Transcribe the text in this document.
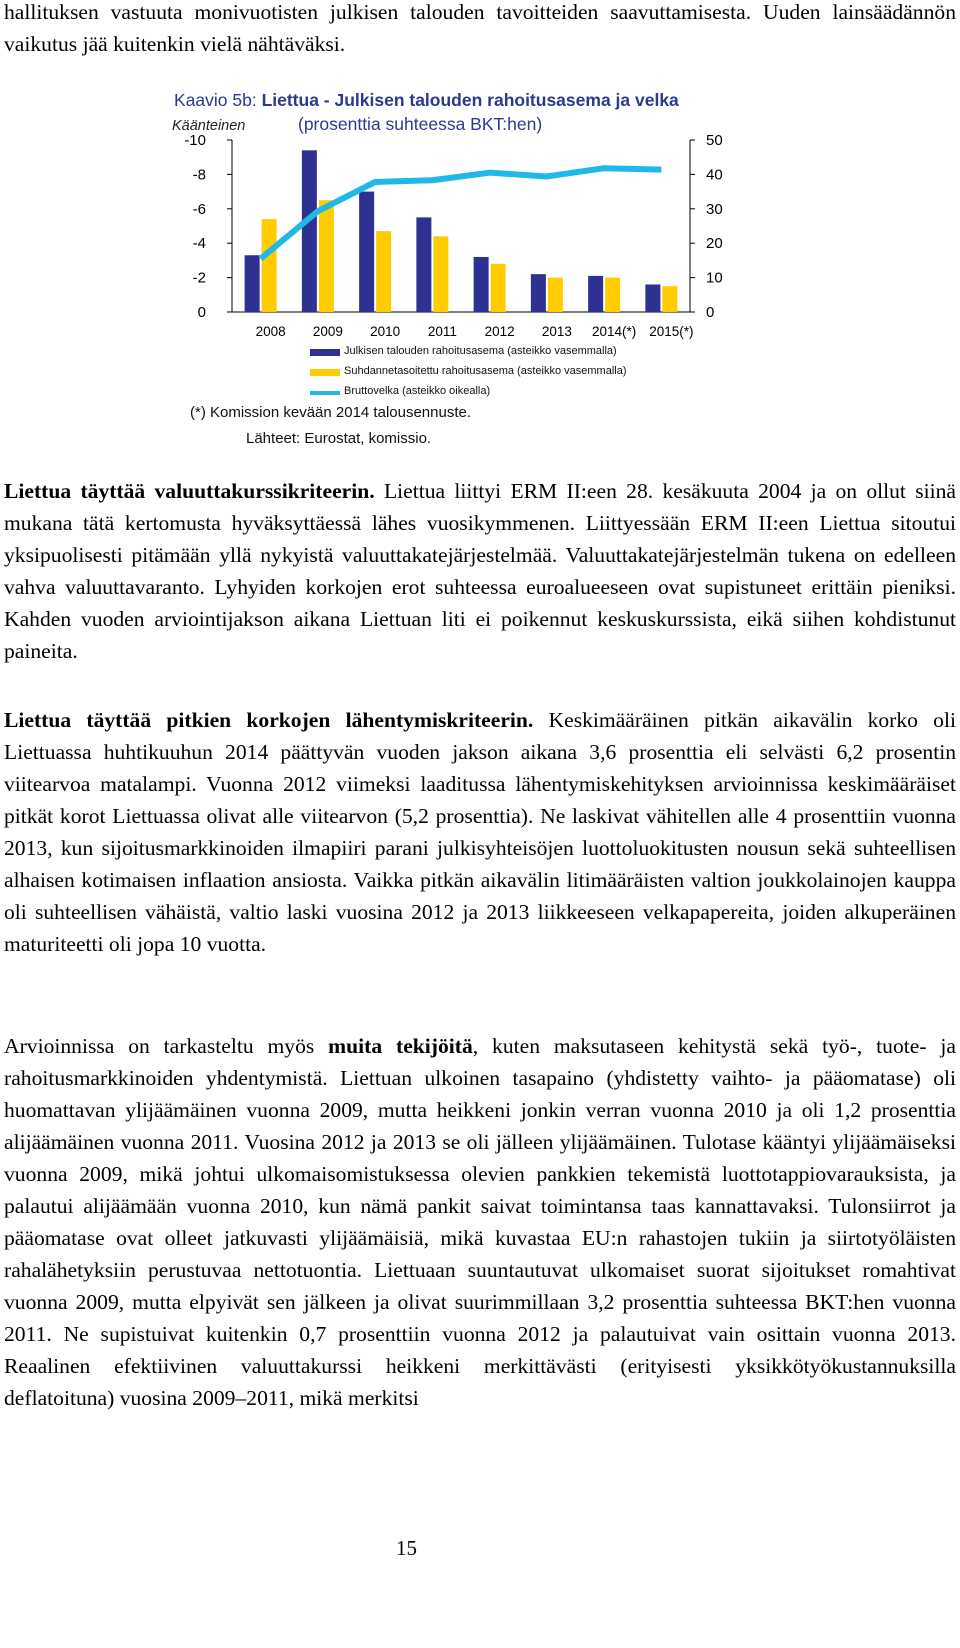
hallituksen vastuuta monivuotisten julkisen talouden tavoitteiden saavuttamisesta. Uuden lainsäädännön vaikutus jää kuitenkin vielä nähtäväksi.

Kaavio 5b: Liettua - Julkisen talouden rahoitusasema ja velka
Käänteinen	(prosenttia suhteessa BKT:hen)
-10
-8
-6
-4
-2
0
50
40
30
20
10
0
2008 2009 2010 2011 2012 2013 2014(*) 2015(*)
Julkisen talouden rahoitusasema (asteikko vasemmalla)
Suhdannetasoitettu rahoitusasema (asteikko vasemmalla)
Bruttovelka (asteikko oikealla)
(*) Komission kevään 2014 talousennuste.
Lähteet: Eurostat, komissio.

Liettua täyttää valuuttakurssikriteerin. Liettua liittyi ERM II:een 28. kesäkuuta 2004 ja on ollut siinä mukana tätä kertomusta hyväksyttäessä lähes vuosikymmenen. Liittyessään ERM II:een Liettua sitoutui yksipuolisesti pitämään yllä nykyistä valuuttakatejärjestelmää. Valuuttakatejärjestelmän tukena on edelleen vahva valuuttavaranto. Lyhyiden korkojen erot suhteessa euroalueeseen ovat supistuneet erittäin pieniksi. Kahden vuoden arviointijakson aikana Liettuan liti ei poikennut keskuskurssista, eikä siihen kohdistunut paineita.

Liettua täyttää pitkien korkojen lähentymiskriteerin. Keskimääräinen pitkän aikavälin korko oli Liettuassa huhtikuuhun 2014 päättyvän vuoden jakson aikana 3,6 prosenttia eli selvästi 6,2 prosentin viitearvoa matalampi. Vuonna 2012 viimeksi laaditussa lähentymiskehityksen arvioinnissa keskimääräiset pitkät korot Liettuassa olivat alle viitearvon (5,2 prosenttia). Ne laskivat vähitellen alle 4 prosenttiin vuonna 2013, kun sijoitusmarkkinoiden ilmapiiri parani julkisyhteisöjen luottoluokitusten nousun sekä suhteellisen alhaisen kotimaisen inflaation ansiosta. Vaikka pitkän aikavälin litimääräisten valtion joukkolainojen kauppa oli suhteellisen vähäistä, valtio laski vuosina 2012 ja 2013 liikkeeseen velkapapereita, joiden alkuperäinen maturiteetti oli jopa 10 vuotta.

Arvioinnissa on tarkasteltu myös muita tekijöitä, kuten maksutaseen kehitystä sekä työ-, tuote- ja rahoitusmarkkinoiden yhdentymistä. Liettuan ulkoinen tasapaino (yhdistetty vaihto- ja pääomatase) oli huomattavan ylijäämäinen vuonna 2009, mutta heikkeni jonkin verran vuonna 2010 ja oli 1,2 prosenttia alijäämäinen vuonna 2011. Vuosina 2012 ja 2013 se oli jälleen ylijäämäinen. Tulotase kääntyi ylijäämäiseksi vuonna 2009, mikä johtui ulkomaisomistuksessa olevien pankkien tekemistä luottotappiovarauksista, ja palautui alijäämään vuonna 2010, kun nämä pankit saivat toimintansa taas kannattavaksi. Tulonsiirrot ja pääomatase ovat olleet jatkuvasti ylijäämäisiä, mikä kuvastaa EU:n rahastojen tukiin ja siirtotyöläisten rahalähetyksiin perustuvaa nettotuontia. Liettuaan suuntautuvat ulkomaiset suorat sijoitukset romahtivat vuonna 2009, mutta elpyivät sen jälkeen ja olivat suurimmillaan 3,2 prosenttia suhteessa BKT:hen vuonna 2011. Ne supistuivat kuitenkin 0,7 prosenttiin vuonna 2012 ja palautuivat vain osittain vuonna 2013. Reaalinen efektiivinen valuuttakurssi heikkeni merkittävästi (erityisesti yksikkötyökustannuksilla deflatoituna) vuosina 2009–2011, mikä merkitsi

15
